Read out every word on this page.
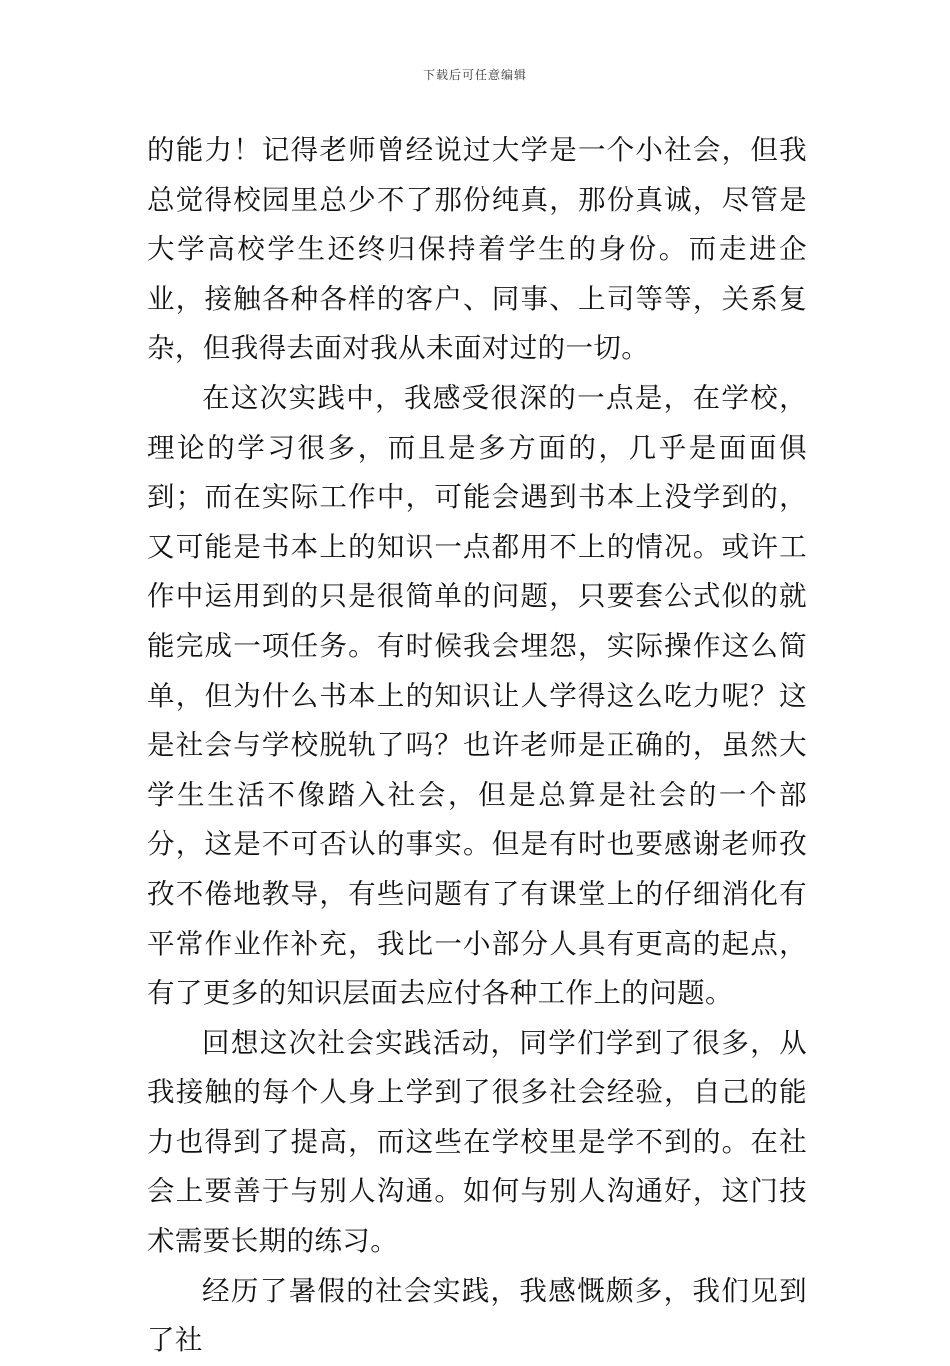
下载后可任意编辑

的能力！记得老师曾经说过大学是一个小社会，但我总觉得校园里总少不了那份纯真，那份真诚，尽管是大学高校学生还终归保持着学生的身份。而走进企业，接触各种各样的客户、同事、上司等等，关系复杂，但我得去面对我从未面对过的一切。

在这次实践中，我感受很深的一点是，在学校，理论的学习很多，而且是多方面的，几乎是面面俱到；而在实际工作中，可能会遇到书本上没学到的，又可能是书本上的知识一点都用不上的情况。或许工作中运用到的只是很简单的问题，只要套公式似的就能完成一项任务。有时候我会埋怨，实际操作这么简单，但为什么书本上的知识让人学得这么吃力呢？这是社会与学校脱轨了吗？也许老师是正确的，虽然大学生生活不像踏入社会，但是总算是社会的一个部分，这是不可否认的事实。但是有时也要感谢老师孜孜不倦地教导，有些问题有了有课堂上的仔细消化有平常作业作补充，我比一小部分人具有更高的起点，有了更多的知识层面去应付各种工作上的问题。

回想这次社会实践活动，同学们学到了很多，从我接触的每个人身上学到了很多社会经验，自己的能力也得到了提高，而这些在学校里是学不到的。在社会上要善于与别人沟通。如何与别人沟通好，这门技术需要长期的练习。

经历了暑假的社会实践，我感慨颇多，我们见到了社
